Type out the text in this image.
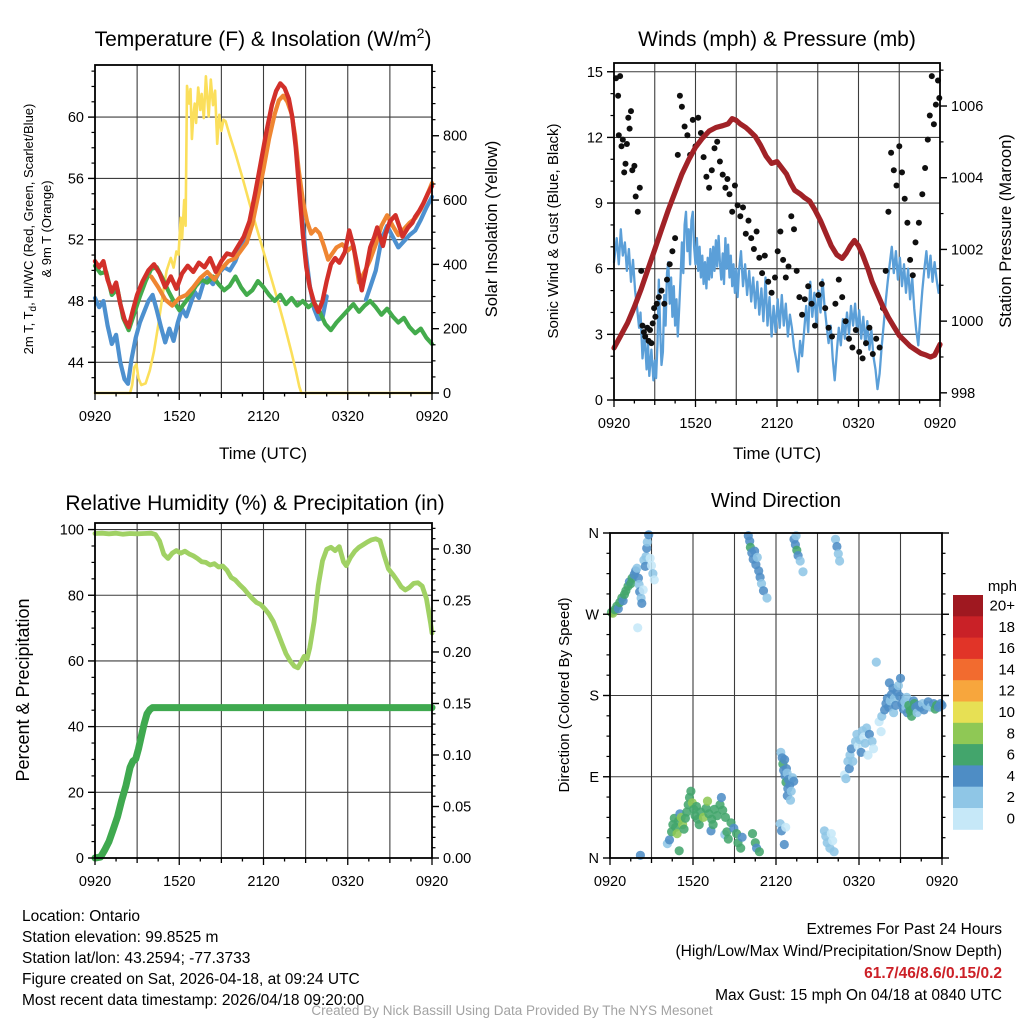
0920	1520	2120	0320	0920
44
48
52
56
60
0
200
400
600
800
Temperature (F) & Insolation $(W/m^2)$
Time (UTC)
2m T, $T_d$, HI/WC (Red, Green, Scarlet/Blue) & 9m T (Orange)	Solar Insolation (Yellow)
0920	1520	2120	0320	0920
0
3
6
9
12
15
998
1000
1002
1004
1006
Winds (mph) & Pressure (mb)
Time (UTC)
Sonic Wind & Gust (Blue, Black)	Station Pressure (Maroon)
0920	1520	2120	0320	0920
0
20
40
60
80
100
0.00
0.05
0.10
0.15
0.20
0.25
0.30
Relative Humidity (%) & Precipitation (in)
Percent & Precipitation
0920	1520	2120	0320	0920
N
E
S
W
N
Wind Direction
Direction (Colored By Speed)
mph
20+
18
16
14
12
10
8
6
4
2
0
Location: Ontario
Station elevation: 99.8525 m
Station lat/lon: 43.2594; -77.3733
Figure created on Sat, 2026-04-18, at 09:24 UTC
Most recent data timestamp: 2026/04/18 09:20:00
Extremes For Past 24 Hours
(High/Low/Max Wind/Precipitation/Snow Depth)
61.7/46/8.6/0.15/0.2
Max Gust: 15 mph On 04/18 at 0840 UTC
Created By Nick Bassill Using Data Provided By The NYS Mesonet
